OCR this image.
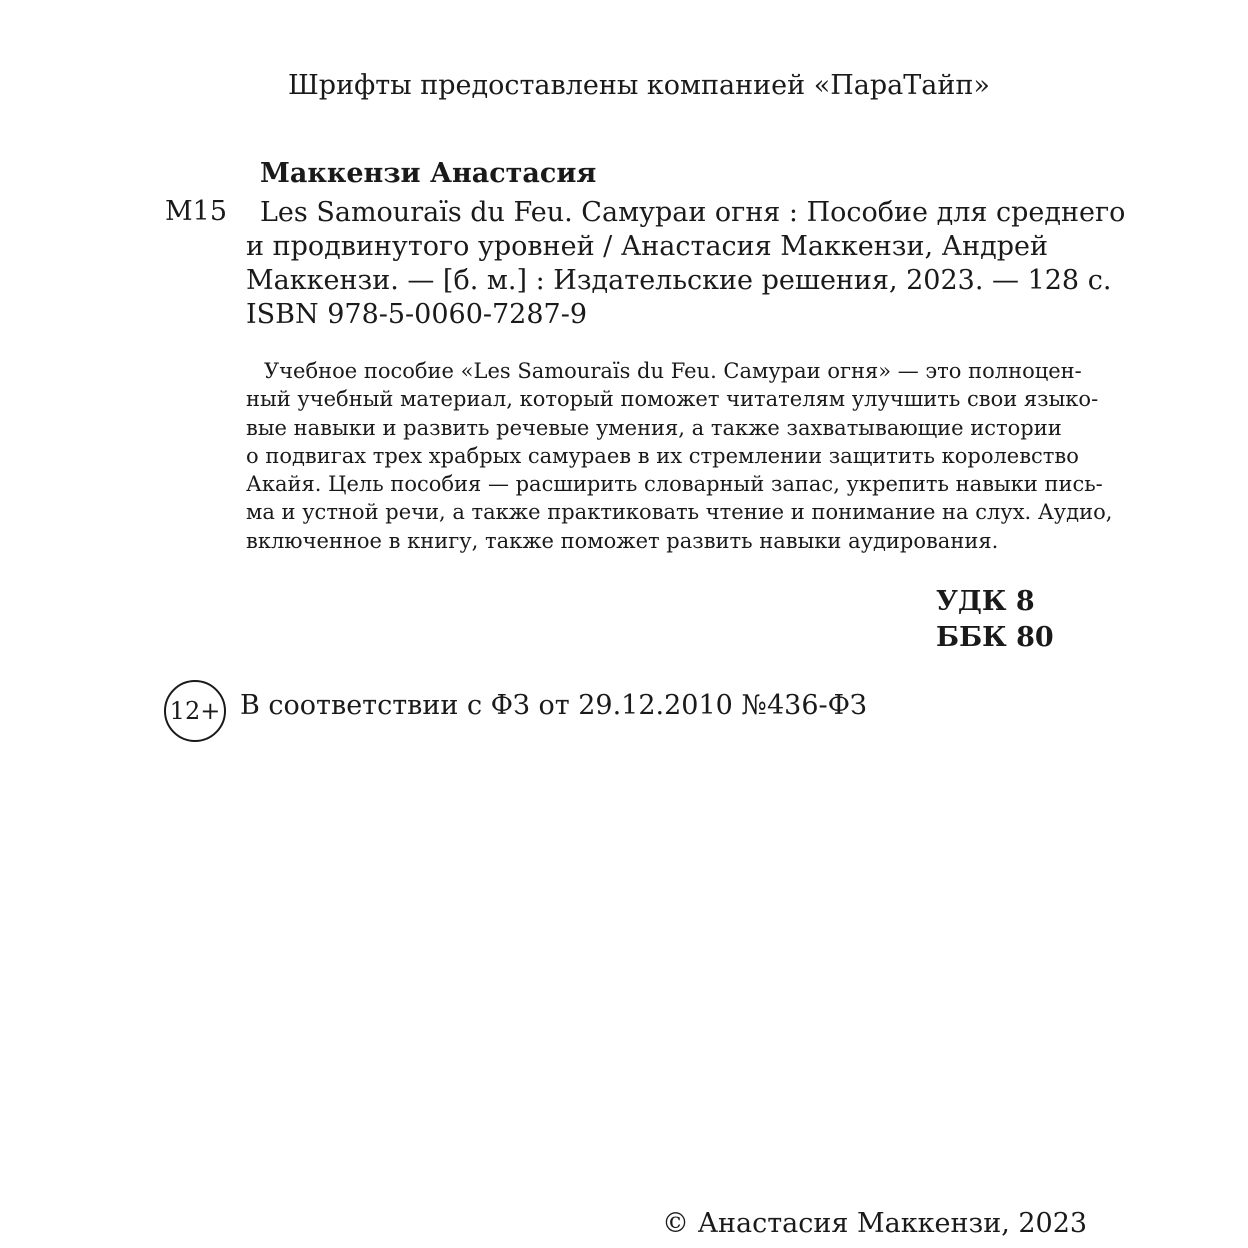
Шрифты предоставлены компанией «ПараТайп»
Маккензи Анастасия
М15	Les Samouraïs du Feu. Самураи огня : Пособие для среднего
и продвинутого уровней / Анастасия Маккензи, Андрей
Маккензи. — [б. м.] : Издательские решения, 2023. — 128 с.
ISBN 978-5-0060-7287-9
Учебное пособие «Les Samouraïs du Feu. Самураи огня» — это полноцен-
ный учебный материал, который поможет читателям улучшить свои языко-
вые навыки и развить речевые умения, а также захватывающие истории
о подвигах трех храбрых самураев в их стремлении защитить королевство
Акайя. Цель пособия — расширить словарный запас, укрепить навыки пись-
ма и устной речи, а также практиковать чтение и понимание на слух. Аудио,
включенное в книгу, также поможет развить навыки аудирования.
УДК 8
ББК 80
12+ В соответствии с ФЗ от 29.12.2010 №436-ФЗ
© Анастасия Маккензи, 2023
